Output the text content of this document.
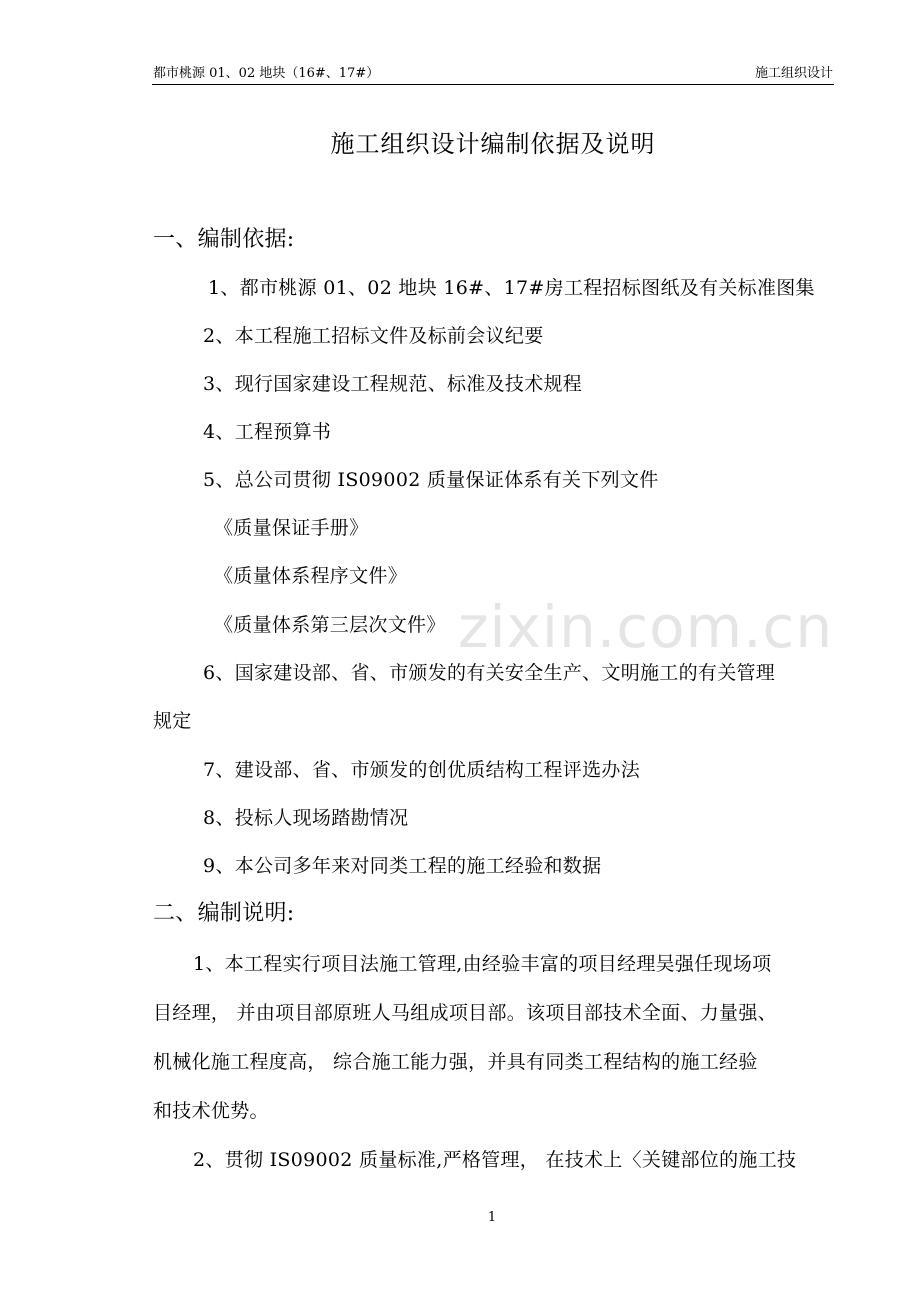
都市桃源 01、02 地块（16#、17#）	施工组织设计
施工组织设计编制依据及说明
一、编制依据:
1、都市桃源 01、02 地块 16#、17#房工程招标图纸及有关标准图集
2、本工程施工招标文件及标前会议纪要
3、现行国家建设工程规范、标准及技术规程
4、工程预算书
5、总公司贯彻 IS09002 质量保证体系有关下列文件
《质量保证手册》
《质量体系程序文件》
《质量体系第三层次文件》
6、国家建设部、省、市颁发的有关安全生产、文明施工的有关管理
规定
7、建设部、省、市颁发的创优质结构工程评选办法
8、投标人现场踏勘情况
9、本公司多年来对同类工程的施工经验和数据
二、编制说明:
1、本工程实行项目法施工管理,由经验丰富的项目经理吴强任现场项
目经理， 并由项目部原班人马组成项目部。该项目部技术全面、力量强、
机械化施工程度高， 综合施工能力强，并具有同类工程结构的施工经验
和技术优势。
2、贯彻 IS09002 质量标准,严格管理， 在技术上〈关键部位的施工技
zixin.com.cn
1
